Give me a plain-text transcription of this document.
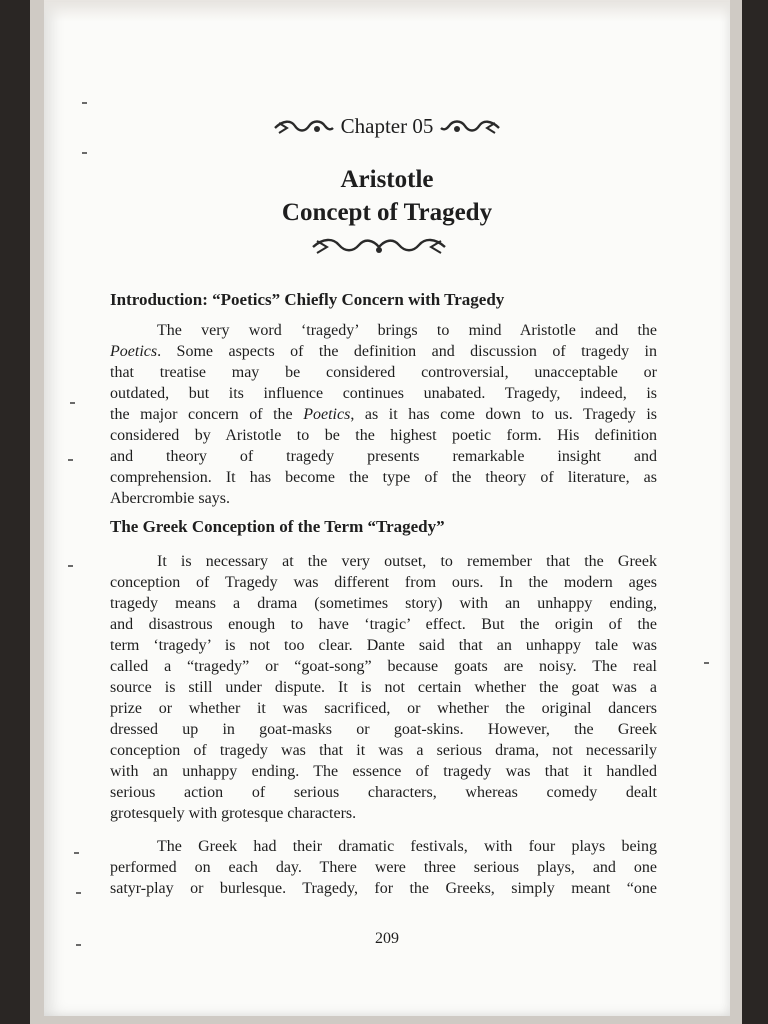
Chapter 05
Aristotle
Concept of Tragedy
Introduction: “Poetics” Chiefly Concern with Tragedy
The very word ‘tragedy’ brings to mind Aristotle and the
Poetics. Some aspects of the definition and discussion of tragedy in
that treatise may be considered controversial, unacceptable or
outdated, but its influence continues unabated. Tragedy, indeed, is
the major concern of the Poetics, as it has come down to us. Tragedy is
considered by Aristotle to be the highest poetic form. His definition
and theory of tragedy presents remarkable insight and
comprehension. It has become the type of the theory of literature, as
Abercrombie says.
The Greek Conception of the Term “Tragedy”
It is necessary at the very outset, to remember that the Greek
conception of Tragedy was different from ours. In the modern ages
tragedy means a drama (sometimes story) with an unhappy ending,
and disastrous enough to have ‘tragic’ effect. But the origin of the
term ‘tragedy’ is not too clear. Dante said that an unhappy tale was
called a “tragedy” or “goat-song” because goats are noisy. The real
source is still under dispute. It is not certain whether the goat was a
prize or whether it was sacrificed, or whether the original dancers
dressed up in goat-masks or goat-skins. However, the Greek
conception of tragedy was that it was a serious drama, not necessarily
with an unhappy ending. The essence of tragedy was that it handled
serious action of serious characters, whereas comedy dealt
grotesquely with grotesque characters.
The Greek had their dramatic festivals, with four plays being
performed on each day. There were three serious plays, and one
satyr-play or burlesque. Tragedy, for the Greeks, simply meant “one
209
